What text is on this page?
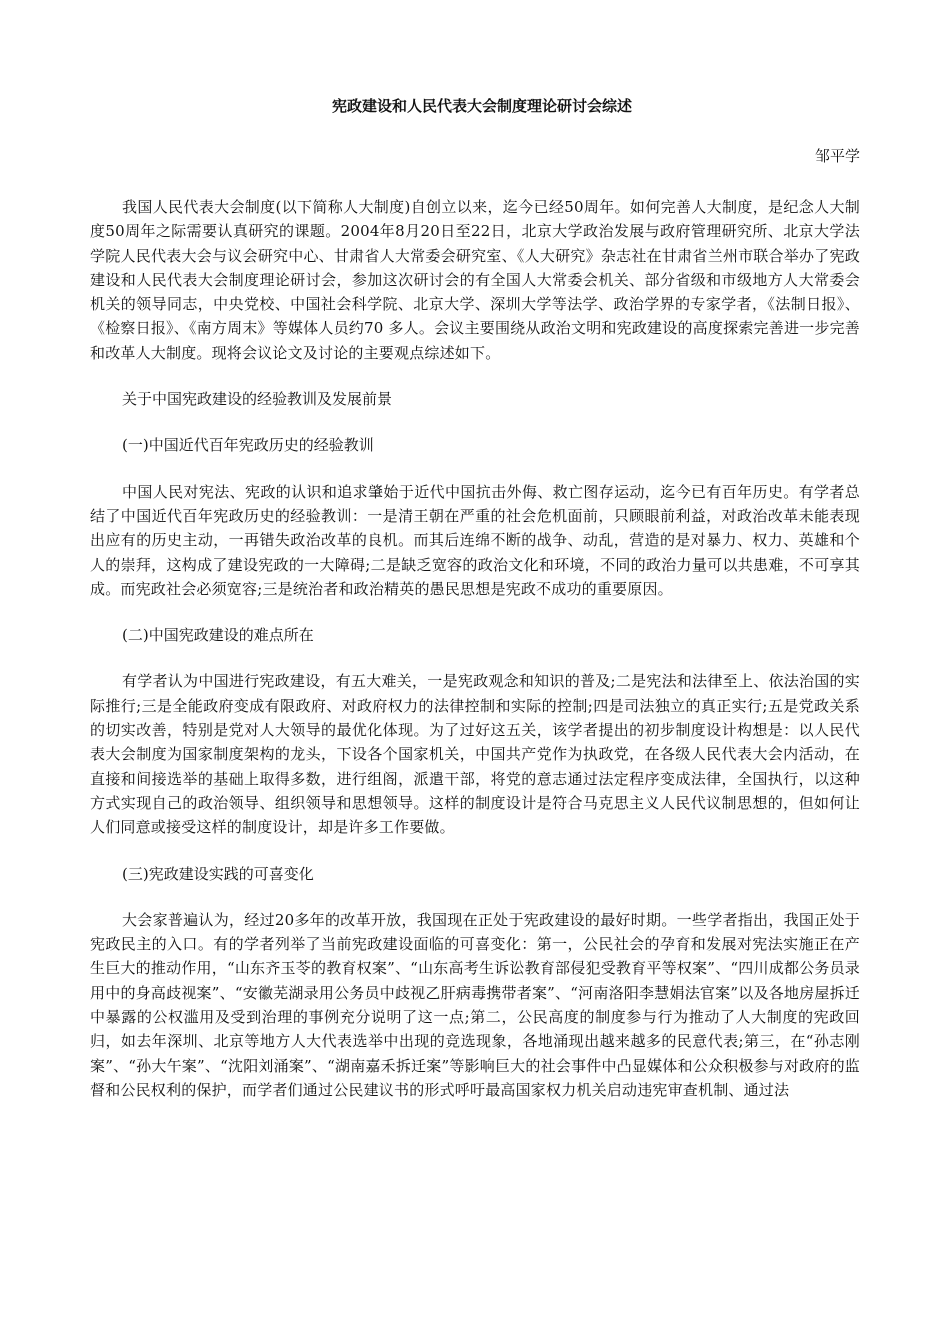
宪政建设和人民代表大会制度理论研讨会综述
邹平学

我国人民代表大会制度(以下简称人大制度)自创立以来，迄今已经50周年。如何完善人大制度，是纪念人大制度50周年之际需要认真研究的课题。2004年8月20日至22日，北京大学政治发展与政府管理研究所、北京大学法学院人民代表大会与议会研究中心、甘肃省人大常委会研究室、《人大研究》杂志社在甘肃省兰州市联合举办了宪政建设和人民代表大会制度理论研讨会，参加这次研讨会的有全国人大常委会机关、部分省级和市级地方人大常委会机关的领导同志，中央党校、中国社会科学院、北京大学、深圳大学等法学、政治学界的专家学者，《法制日报》、《检察日报》、《南方周末》等媒体人员约70 多人。会议主要围绕从政治文明和宪政建设的高度探索完善进一步完善和改革人大制度。现将会议论文及讨论的主要观点综述如下。

关于中国宪政建设的经验教训及发展前景

(一)中国近代百年宪政历史的经验教训

中国人民对宪法、宪政的认识和追求肇始于近代中国抗击外侮、救亡图存运动，迄今已有百年历史。有学者总结了中国近代百年宪政历史的经验教训：一是清王朝在严重的社会危机面前，只顾眼前利益，对政治改革未能表现出应有的历史主动，一再错失政治改革的良机。而其后连绵不断的战争、动乱，营造的是对暴力、权力、英雄和个人的崇拜，这构成了建设宪政的一大障碍;二是缺乏宽容的政治文化和环境，不同的政治力量可以共患难，不可享其成。而宪政社会必须宽容;三是统治者和政治精英的愚民思想是宪政不成功的重要原因。

(二)中国宪政建设的难点所在

有学者认为中国进行宪政建设，有五大难关，一是宪政观念和知识的普及;二是宪法和法律至上、依法治国的实际推行;三是全能政府变成有限政府、对政府权力的法律控制和实际的控制;四是司法独立的真正实行;五是党政关系的切实改善，特别是党对人大领导的最优化体现。为了过好这五关，该学者提出的初步制度设计构想是：以人民代表大会制度为国家制度架构的龙头，下设各个国家机关，中国共产党作为执政党，在各级人民代表大会内活动，在直接和间接选举的基础上取得多数，进行组阁，派遣干部，将党的意志通过法定程序变成法律，全国执行，以这种方式实现自己的政治领导、组织领导和思想领导。这样的制度设计是符合马克思主义人民代议制思想的，但如何让人们同意或接受这样的制度设计，却是许多工作要做。

(三)宪政建设实践的可喜变化

大会家普遍认为，经过20多年的改革开放，我国现在正处于宪政建设的最好时期。一些学者指出，我国正处于宪政民主的入口。有的学者列举了当前宪政建设面临的可喜变化：第一，公民社会的孕育和发展对宪法实施正在产生巨大的推动作用，“山东齐玉苓的教育权案”、“山东高考生诉讼教育部侵犯受教育平等权案”、“四川成都公务员录用中的身高歧视案”、“安徽芜湖录用公务员中歧视乙肝病毒携带者案”、“河南洛阳李慧娟法官案”以及各地房屋拆迁中暴露的公权滥用及受到治理的事例充分说明了这一点;第二，公民高度的制度参与行为推动了人大制度的宪政回归，如去年深圳、北京等地方人大代表选举中出现的竞选现象，各地涌现出越来越多的民意代表;第三，在“孙志刚案”、“孙大午案”、“沈阳刘涌案”、“湖南嘉禾拆迁案”等影响巨大的社会事件中凸显媒体和公众积极参与对政府的监督和公民权利的保护，而学者们通过公民建议书的形式呼吁最高国家权力机关启动违宪审查机制、通过法
